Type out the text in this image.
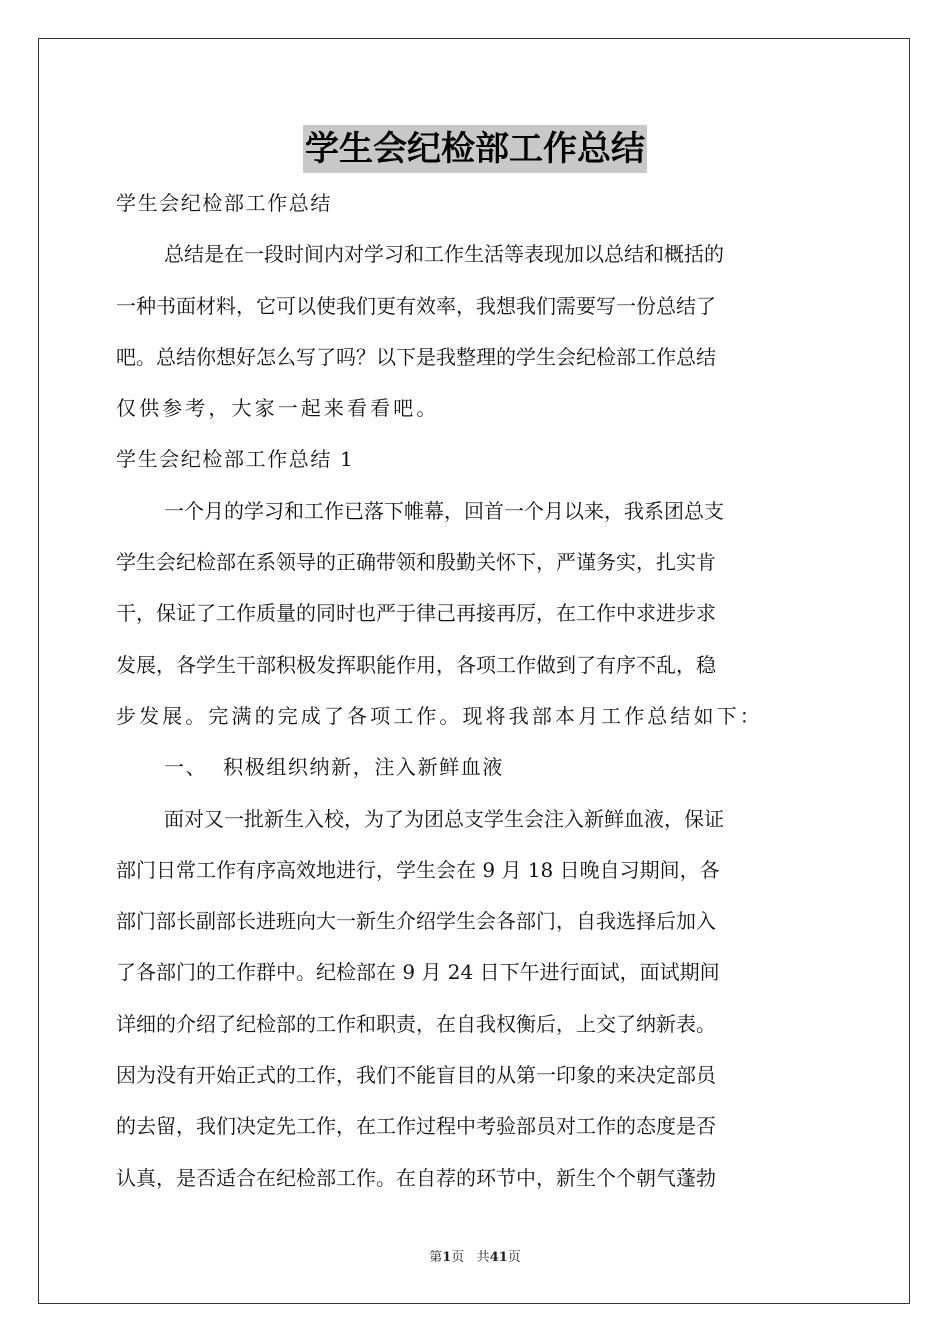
学生会纪检部工作总结

学生会纪检部工作总结

总结是在一段时间内对学习和工作生活等表现加以总结和概括的

一种书面材料，它可以使我们更有效率，我想我们需要写一份总结了

吧。总结你想好怎么写了吗？以下是我整理的学生会纪检部工作总结

仅供参考，大家一起来看看吧。

学生会纪检部工作总结 1

一个月的学习和工作已落下帷幕，回首一个月以来，我系团总支

学生会纪检部在系领导的正确带领和殷勤关怀下，严谨务实，扎实肯

干，保证了工作质量的同时也严于律己再接再厉，在工作中求进步求

发展，各学生干部积极发挥职能作用，各项工作做到了有序不乱，稳

步发展。完满的完成了各项工作。现将我部本月工作总结如下：

一、  积极组织纳新，注入新鲜血液

面对又一批新生入校，为了为团总支学生会注入新鲜血液，保证

部门日常工作有序高效地进行，学生会在 9 月 18 日晚自习期间，各

部门部长副部长进班向大一新生介绍学生会各部门，自我选择后加入

了各部门的工作群中。纪检部在 9 月 24 日下午进行面试，面试期间

详细的介绍了纪检部的工作和职责，在自我权衡后，上交了纳新表。

因为没有开始正式的工作，我们不能盲目的从第一印象的来决定部员

的去留，我们决定先工作，在工作过程中考验部员对工作的态度是否

认真，是否适合在纪检部工作。在自荐的环节中，新生个个朝气蓬勃

第1页 共41页
